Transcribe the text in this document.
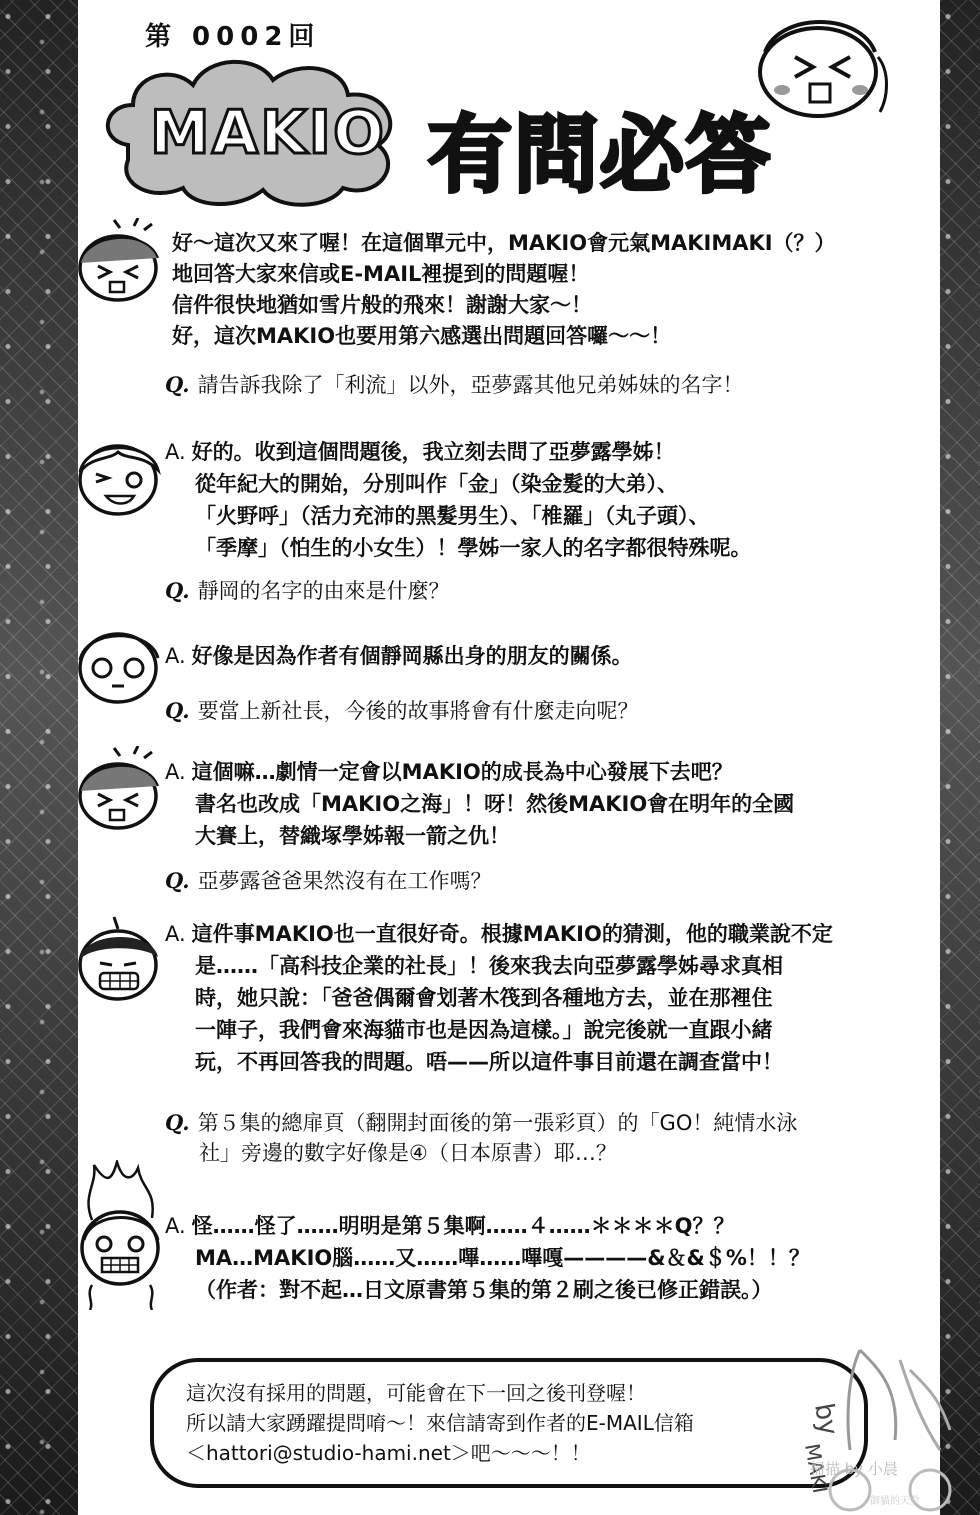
第 0002回
MAKIO 有問必答
好～這次又來了喔！在這個單元中，MAKIO會元氣MAKIMAKI（？）
地回答大家來信或E-MAIL裡提到的問題喔！
信件很快地猶如雪片般的飛來！謝謝大家～！
好，這次MAKIO也要用第六感選出問題回答囉～～！
Q. 請告訴我除了「利流」以外，亞夢露其他兄弟姊妹的名字！
A. 好的。收到這個問題後，我立刻去問了亞夢露學姊！
從年紀大的開始，分別叫作「金」（染金髮的大弟）、
「火野呼」（活力充沛的黑髮男生）、「椎羅」（丸子頭）、
「季摩」（怕生的小女生）！學姊一家人的名字都很特殊呢。
Q. 靜岡的名字的由來是什麼？
A. 好像是因為作者有個靜岡縣出身的朋友的關係。
Q. 要當上新社長，今後的故事將會有什麼走向呢？
A. 這個嘛…劇情一定會以MAKIO的成長為中心發展下去吧？
書名也改成「MAKIO之海」！呀！然後MAKIO會在明年的全國
大賽上，替織塚學姊報一箭之仇！
Q. 亞夢露爸爸果然沒有在工作嗎？
A. 這件事MAKIO也一直很好奇。根據MAKIO的猜測，他的職業說不定
是……「高科技企業的社長」！後來我去向亞夢露學姊尋求真相
時，她只說：「爸爸偶爾會划著木筏到各種地方去，並在那裡住
一陣子，我們會來海貓市也是因為這樣。」說完後就一直跟小緒
玩，不再回答我的問題。唔——所以這件事目前還在調查當中！
Q. 第５集的總扉頁（翻開封面後的第一張彩頁）的「GO！純情水泳
社」旁邊的數字好像是④（日本原書）耶…？
A. 怪……怪了……明明是第５集啊……４……＊＊＊＊Q？？
MA…MAKIO腦……又……嗶……嗶嘎————&＆&＄%！！？
（作者：對不起…日文原書第５集的第２刷之後已修正錯誤。）
這次沒有採用的問題，可能會在下一回之後刊登喔！
所以請大家踴躍提問唷～！來信請寄到作者的E-MAIL信箱
＜hattori@studio-hami.net＞吧～～～！！
by
MAKI
掃描 by 小晨
御貓的天堂
